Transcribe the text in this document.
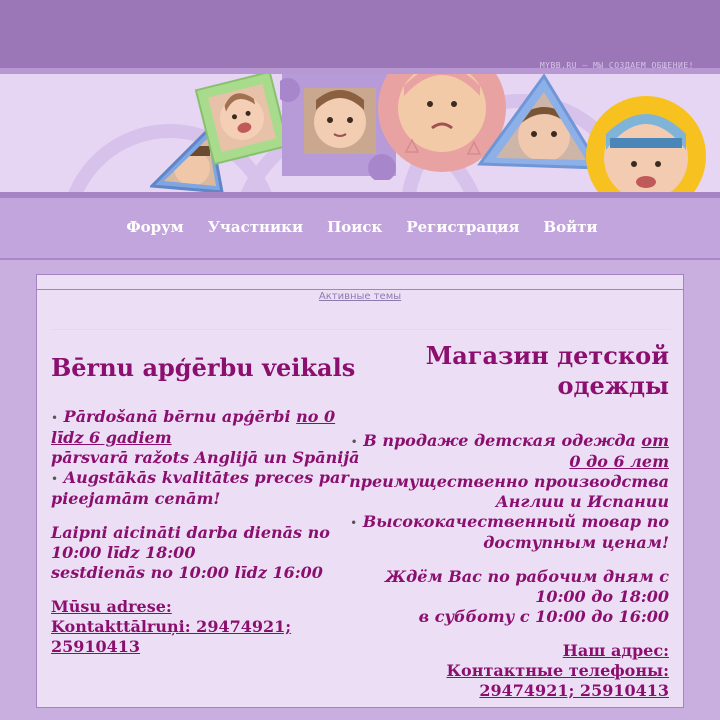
MYBB.RU — МЫ СОЗДАЕМ ОБЩЕНИЕ!
Форум Участники Поиск Регистрация Войти
Активные темы
Bērnu apģērbu veikals
• Pārdošanā bērnu apģērbi no 0 līdz 6 gadiem
pārsvarā ražots Anglijā un Spānijā
• Augstākās kvalitātes preces par pieejamām cenām!
Laipni aicināti darba dienās no 10:00 līdz 18:00
sestdienās no 10:00 līdz 16:00
Mūsu adrese:
Kontakttālruņi: 29474921; 25910413
Магазин детской одежды
• В продаже детская одежда от 0 до 6 лет
преимущественно производства Англии и Испании
• Высококачественный товар по доступным ценам!
Ждём Вас по рабочим дням с 10:00 до 18:00
в субботу с 10:00 до 16:00
Наш адрес:
Контактные телефоны: 29474921; 25910413
